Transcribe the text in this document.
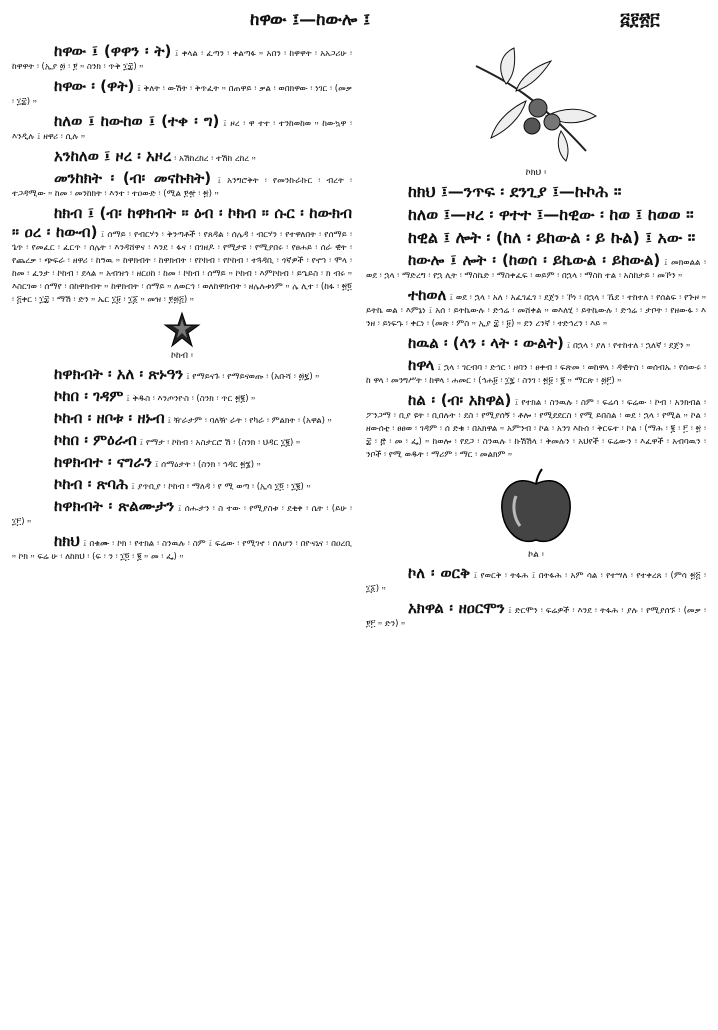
ከዋው ፤—ከውሎ ፤	፭፻፳፫
ከዋው ፤ (ዋዋን ፡ ት) ፤ ቀላል ፡ ፈጣን ፡ ቀልጣፋ ። አበን ፡ ከዋዋት ፡ አአጋሪሁ ፡ ከዋዋት ፡ (ኢያ ፴ ፡ ፻ ። ስንክ ፡ ጥቅ ፲፰) ።
ከዋው ፡ (ዋት) ፤ ቅለት ፡ ውሽት ፡ ቅጥፈት ። በጠዋይ ፡ ቃል ፡ ወበክዋው ፡ ነገር ፡ (መቃ ፡ ፲፰) ።
ከለወ ፤ ከውከወ ፤ (ተቀ ፡ ግ) ፤ ዞረ ፡ ዋ ተተ ፡ ተንከወከወ ። ከውኳዋ ፡ እንዲሉ ፤ ዘዋሪ ፡ ሲሉ ።
አንከለወ ፤ ዞረ ፡ አዞረ ፡ አሽከረከረ ፡ ተሽከ ረከረ ።
መንከክት ፡ (ብ፡ መናኩክት) ፤ አንግሮቅት ፡ የመንኩራኩር ፡ ብረት ፡ ተጋዳሚው ። ከመ ፡ መንከክት ፡ እንተ ፡ ተዐውድ ፡ (ሚል ፻፹ ፡ ፳) ።
ከክብ ፤ (ብ፡ ከዋክብት ። ዕብ ፡ ኮክብ ። ሱር ፡ ከውክብ ። ዐረ ፡ ከውብ) ፤ ሰማይ ፡ የብርሃን ፡ ቅንጣቶች ፡ የጸዳል ፡ ሰሌዳ ፡ ብርሃን ፡ የተዋለበት ፡ የሰማይ ፡ ጌጥ ፡ የመፈር ፡ ፈርጥ ፡ ሰሌት ፡ እንዳሸዋና ፡ እንደ ፡ ፋና ፡ በገዘዶ ፡ የሚታዩ ፡ የሚያበሩ ፡ የፀሐይ ፡ ሰራ ዊት ፡ የጨረቃ ፡ ጭፍራ ፡ ዘዋሪ ፡ ከዓዉ ። ከዋክብት ፡ ከዋክብት ፡ የኮከብ ፡ የኮከብ ፡ ተጓዳቢ ፡ ጎኛዎች ፡ የኖኀ ፡ ሞላ ፡ ከመ ፡ ፈንታ ፡ ኮከብ ፡ ደላል ። አብዝኅ ፡ ዘርዐከ ፡ ከመ ፡ ኮከብ ፡ ሰማይ ። ኮከብ ፡ እምኮከብ ፡ ይኄይስ ፡ ክ ብሩ ። እስርገወ ፡ ሰማየ ፡ በከዋክብት ። ከዋክብት ፡ ሰማይ ። ለወርኅ ፡ ወለከዋክብት ፡ ዘሌሉቱነም ። ሌ ሊተ ፡ (ከፋ ፡ ፳፬ ፡ ፭ቀር ፡ ፲፰ ፡ ማሽ ፡ ድን ። ኤር ፲፱ ፡ ፲፩ ። መዝ ፡ ፻፴፭) ።
ኮከብ ፡
ከዋክብት ፡ አለ ፡ ጽኑዓን ፤ የማይናጉ ፡ የማይናወጡ ፡ (አቡሻ ፡ ፴፯) ።
ኮከበ ፡ ገዳም ፤ ቅዱስ ፡ እንጦንዮስ ፡ (ስንክ ፡ ጥር ፳፪) ።
ኮከብ ፡ ዘቦቱ ፡ ዘኑብ ፤ ዥራታም ፡ ባለዥ ራት ፡ የካራ ፡ ምልክት ፡ (አዋል) ።
ኮከበ ፡ ምዕራብ ፤ የማታ ፡ ኮከብ ፡ አስታርሮ ሽ ፡ (ስንክ ፡ ህዳር ፲፪) ።
ከዋክብተ ፡ ናግራን ፤ ሰማዕታት ፡ (ስንክ ፡ ኅዳር ፳፮) ።
ኮከብ ፡ ጽባሕ ፤ ያጥቢያ ፡ ኮከብ ፡ ማለዳ ፡ የ ሚ ወጣ ፡ (ኢሳ ፲፬ ፡ ፲፪) ።
ከዋክብት ፡ ጽልሙታን ፤ ሰሑታን ፡ ስ ተው ፡ የሚያስቱ ፡ ደቂቀ ፡ ሴት ፡ (ይሁ ፡ ፲፫) ።
ከክህ ፤ በቁሙ ፡ ኮክ ፡ የተክል ፡ ስንዉሉ ፡ ስም ፤ ፍሬው ፡ የሚገኖ ፡ ሰለሆን ፡ በዮናኒና ፡ በዐረቢ ። ኮክ ። ፍሬ ሁ ፡ ለከክህ ፡ (ፍ ፡ ን ፡ ፲፬ ፡ ፪ ። መ ፡ ፌ) ።
ኮክህ ፡
ከክህ ፤—ንጥፍ ፡ ደንጊያ ፤—ኩኮሕ ።
ከለወ ፤—ዞረ ፡ ዋተተ ፤—ከዊው ፡ ከወ ፤ ከወወ ።
ከዊል ፤ ሎት ፡ (ከለ ፡ ይከውል ፡ ይ ኩል) ፤ አው ።
ከውሎ ፤ ሎት ፡ (ከወሰ ፡ ይኬውል ፡ ይከውል) ፤ መክወልል ፡ ወደ ፡ ኋላ ፡ ማድረግ ፡ የኋ ሊት ፡ ማስኬድ ፡ ማስቀፈፍ ፡ ወይም ፡ በኋላ ፡ ማስከ ተል ፡ አስከታይ ፡ መኾን ።
ተከወለ ፤ ወደ ፡ ኋላ ፡ አለ ፡ አፈገፈገ ፡ ደጀን ፡ ኾነ ፡ በኋላ ፡ ኼደ ፡ ተከተለ ፡ የሰልፍ ፡ የጕዞ ። ይትኬ ወል ፡ እምኔነ ፤ አሰ ፡ ይትኬውሉ ፡ ድኅሬ ፡ መሸቀል ። ወእለሂ ፡ ይትኬውሉ ፡ ድኅሬ ፡ ታቦት ፡ የዘውፋ ፡ እ ንዘ ፡ ይነፍኁ ፡ ቀርነ ፡ (መጽ ፡ ምስ ። ኢያ ፰ ፡ ፱) ። ደን ረንኛ ፡ ተድኅረን ፡ እይ ።
ከዉል ፡ (ላን ፡ ላት ፡ ውልት) ፤ በኋላ ፡ ያለ ፡ የተከተለ ፡ ኋለኛ ፡ ደጀን ።
ከዋላ ፤ ኋላ ፡ ገርብባ ፡ ድኅር ፡ ዘባን ፡ ፀቀብ ፡ ፍጽመ ፡ ወከዋላ ፡ ዳዊትስ ፡ ወሰብኡ ፡ የሰውሩ ፡ ከ ዋላ ፡ መንግሥት ፡ ከዋላ ፡ ሐመር ፡ (ኅሐ፱ ፡ ፲፯ ፡ ስንገ ፡ ፳፱ ፡ ፪ ። ማርጽ ፡ ፴፫) ።
ከል ፡ (ብ፡ አክዋል) ፤ የተክል ፡ ስንዉሉ ፡ ስም ፡ ፍሬሳ ፡ ፍሬው ፡ ኮብ ፡ አንክብል ፡ ፖንጋማ ፡ ቢያ ዩት ፡ ቢበሉት ፡ ደስ ፡ የሚያሰኝ ፡ ቶሎ ፡ የሚደደርስ ፡ የሚ ይበስል ፡ ወደ ፡ ኋላ ፡ የሚል ። ኮል ፡ ዘውሰቲ ፡ ፀፀወ ፡ ገዳም ፡ ሰ ድቁ ፡ በአክዋል ። አምንብ ፡ ኮል ፡ አንገ እኩሰ ፡ ቅርፍተ ፡ ኮል ፡ (ማሕ ፡ ፪ ፡ ፫ ፡ ፳ ፡ ፰ ፡ ፸ ፡ መ ፡ ፌ) ። ከወሎ ፡ የደጋ ፡ ስንዉሉ ፡ ኩሽሽላ ፡ ቅመሉን ፡ አህየች ፡ ፍሬውን ፡ እፈዋች ፡ አብባዉን ፡ ንቦች ፡ የሚ ወዱት ፡ ማሪም ፡ ማር ፡ መልክም ።
ኮል ፡
ኮለ ፡ ወርቅ ፤ የወርቅ ፡ ትፋሕ ፤ በትፋሕ ፡ አም ሳል ፡ የተሣለ ፡ የተቀረጸ ፡ (ምሳ ፳፭ ፡ ፲፩) ።
አክዋል ፡ ዘዐርሞን ፤ ድርሞን ፡ ፍሬዎች ፡ እንደ ፡ ትፋሕ ፡ ያሉ ፡ የሚያሰኙ ፡ (መቃ ፡ ፻፫ ። ድን) ።
